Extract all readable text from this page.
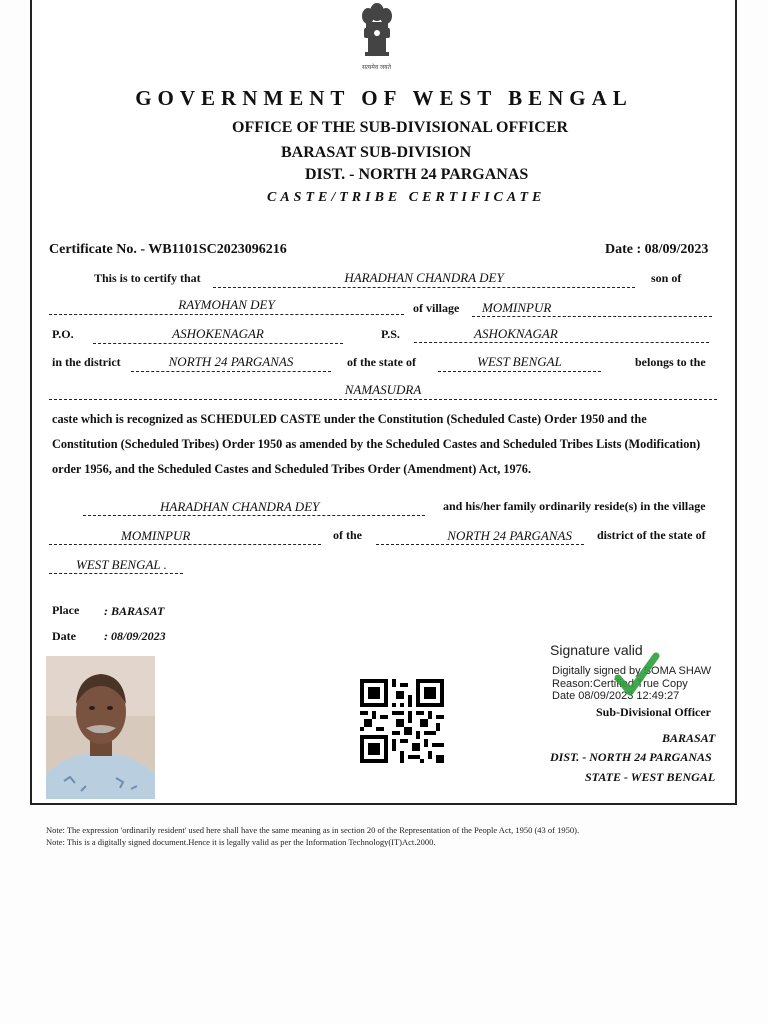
सत्यमेव जयते
GOVERNMENT OF WEST BENGAL
OFFICE OF THE SUB-DIVISIONAL OFFICER
BARASAT SUB-DIVISION
DIST. - NORTH 24 PARGANAS
CASTE/TRIBE CERTIFICATE
Certificate No. - WB1101SC2023096216	Date : 08/09/2023
This is to certify that	HARADHAN CHANDRA DEY	son of
RAYMOHAN DEY	of village	MOMINPUR
P.O.	ASHOKENAGAR	P.S.	ASHOKNAGAR
in the district	NORTH 24 PARGANAS	of the state of	WEST BENGAL	belongs to the
NAMASUDRA
caste which is recognized as SCHEDULED CASTE under the Constitution (Scheduled Caste) Order 1950 and the
Constitution (Scheduled Tribes) Order 1950 as amended by the Scheduled Castes and Scheduled Tribes Lists (Modification)
order 1956, and the Scheduled Castes and Scheduled Tribes Order (Amendment) Act, 1976.
HARADHAN CHANDRA DEY	and his/her family ordinarily reside(s) in the village
MOMINPUR	of the	NORTH 24 PARGANAS	district of the state of
WEST BENGAL .
Place : BARASAT
Date : 08/09/2023
Signature valid
Digitally signed by SOMA SHAW
Reason:Certified True Copy
Date 08/09/2023 12:49:27
Sub-Divisional Officer
BARASAT
DIST. - NORTH 24 PARGANAS
STATE - WEST BENGAL
Note: The expression 'ordinarily resident' used here shall have the same meaning as in section 20 of the Representation of the People Act, 1950 (43 of 1950).
Note: This is a digitally signed document.Hence it is legally valid as per the Information Technology(IT)Act.2000.
